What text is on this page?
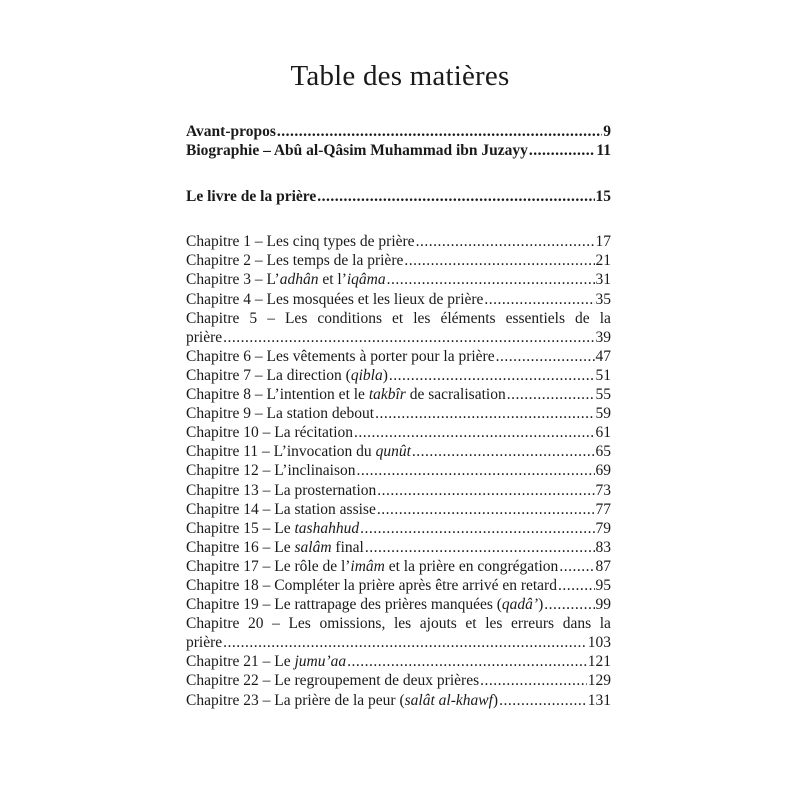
Table des matières
Avant-propos .....	9
Biographie – Abû al-Qâsim Muhammad ibn Juzayy .....	11
Le livre de la prière .....	15
Chapitre 1 – Les cinq types de prière .....	17
Chapitre 2 – Les temps de la prière .....	21
Chapitre 3 – L’adhân et l’iqâma .....	31
Chapitre 4 – Les mosquées et les lieux de prière .....	35
Chapitre 5 – Les conditions et les éléments essentiels de la
prière .....	39
Chapitre 6 – Les vêtements à porter pour la prière .....	47
Chapitre 7 – La direction (qibla) .....	51
Chapitre 8 – L’intention et le takbîr de sacralisation .....	55
Chapitre 9 – La station debout .....	59
Chapitre 10 – La récitation .....	61
Chapitre 11 – L’invocation du qunût .....	65
Chapitre 12 – L’inclinaison .....	69
Chapitre 13 – La prosternation .....	73
Chapitre 14 – La station assise .....	77
Chapitre 15 – Le tashahhud .....	79
Chapitre 16 – Le salâm final .....	83
Chapitre 17 – Le rôle de l’imâm et la prière en congrégation ..... 87
Chapitre 18 – Compléter la prière après être arrivé en retard ..... 95
Chapitre 19 – Le rattrapage des prières manquées (qadâ’) .....	99
Chapitre 20 – Les omissions, les ajouts et les erreurs dans la
prière .....	103
Chapitre 21 – Le jumu’aa .....	121
Chapitre 22 – Le regroupement de deux prières .....	129
Chapitre 23 – La prière de la peur (salât al-khawf) .....	131
